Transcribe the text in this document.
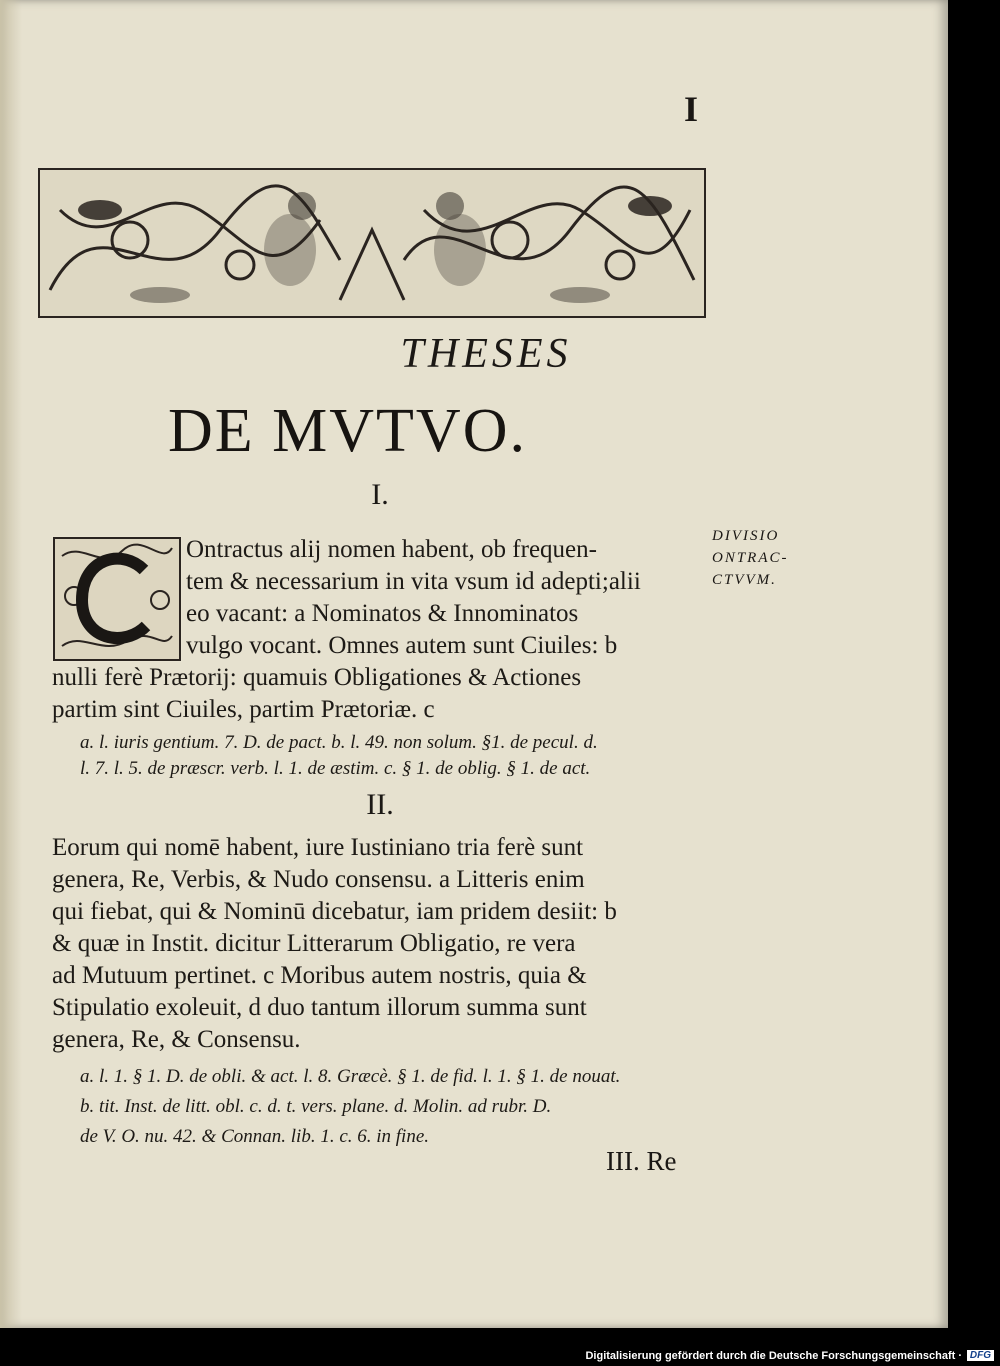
I
THESES
DE MVTVO.
I.
Ontractus alij nomen habent, ob frequen-
tem & necessarium in vita vsum id adepti;alii
eo vacant: a Nominatos & Innominatos
vulgo vocant. Omnes autem sunt Ciuiles: b
nulli ferè Prætorij: quamuis Obligationes & Actiones
partim sint Ciuiles, partim Prætoriæ. c
a. l. iuris gentium. 7. D. de pact. b. l. 49. non solum. §1. de pecul. d.
l. 7. l. 5. de præscr. verb. l. 1. de æstim. c. § 1. de oblig. § 1. de act.
DIVISIO
ONTRAC-
CTVVM.
II.
Eorum qui nomē habent, iure Iustiniano tria ferè sunt
genera, Re, Verbis, & Nudo consensu. a Litteris enim
qui fiebat, qui & Nominū dicebatur, iam pridem desiit: b
& quæ in Instit. dicitur Litterarum Obligatio, re vera
ad Mutuum pertinet. c Moribus autem nostris, quia &
Stipulatio exoleuit, d duo tantum illorum summa sunt
genera, Re, & Consensu.
a. l. 1. § 1. D. de obli. & act. l. 8. Græcè. § 1. de fid. l. 1. § 1. de nouat.
b. tit. Inst. de litt. obl. c. d. t. vers. plane. d. Molin. ad rubr. D.
de V. O. nu. 42. & Connan. lib. 1. c. 6. in fine.
III. Re
Digitalisierung gefördert durch die Deutsche Forschungsgemeinschaft · DFG
